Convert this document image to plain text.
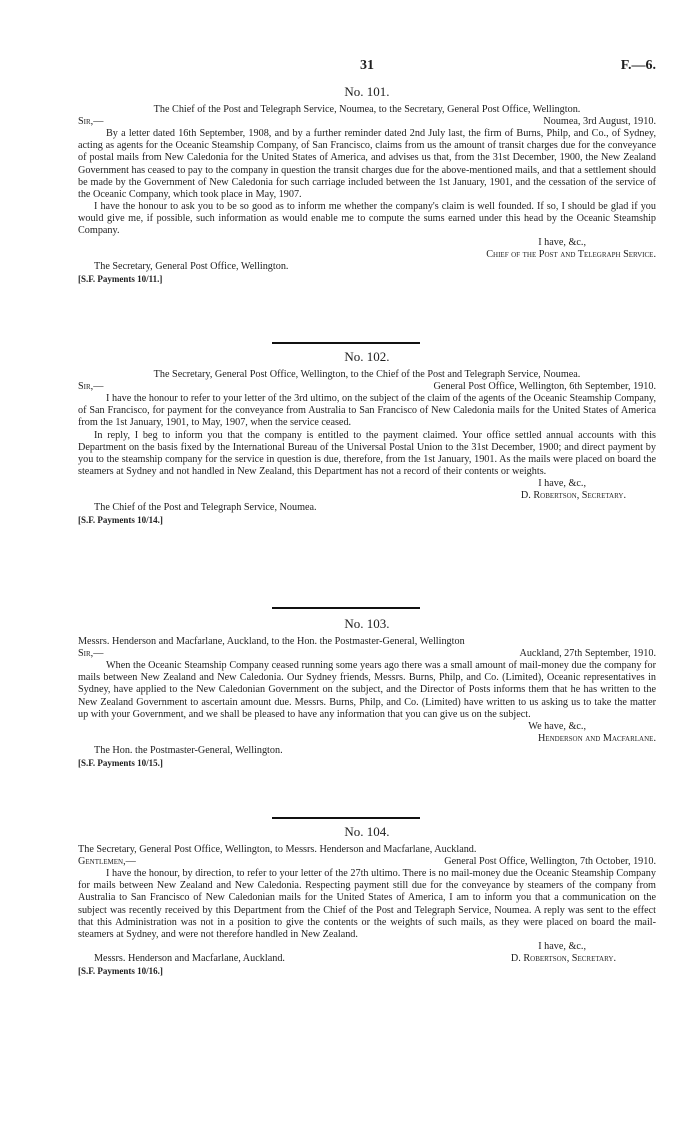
31	F.—6.
No. 101.
The Chief of the Post and Telegraph Service, Noumea, to the Secretary, General Post Office, Wellington.
Sir,—	Noumea, 3rd August, 1910.

By a letter dated 16th September, 1908, and by a further reminder dated 2nd July last, the firm of Burns, Philp, and Co., of Sydney, acting as agents for the Oceanic Steamship Company, of San Francisco, claims from us the amount of transit charges due for the conveyance of postal mails from New Caledonia for the United States of America, and advises us that, from the 31st December, 1900, the New Zealand Government has ceased to pay to the company in question the transit charges due for the above-mentioned mails, and that a settlement should be made by the Government of New Caledonia for such carriage included between the 1st January, 1901, and the cessation of the service of the Oceanic Company, which took place in May, 1907.

I have the honour to ask you to be so good as to inform me whether the company's claim is well founded. If so, I should be glad if you would give me, if possible, such information as would enable me to compute the sums earned under this head by the Oceanic Steamship Company.

I have, &c.,
Chief of the Post and Telegraph Service.
The Secretary, General Post Office, Wellington.
[S.F. Payments 10/11.]
No. 102.
The Secretary, General Post Office, Wellington, to the Chief of the Post and Telegraph Service, Noumea.
Sir,—	General Post Office, Wellington, 6th September, 1910.

I have the honour to refer to your letter of the 3rd ultimo, on the subject of the claim of the agents of the Oceanic Steamship Company, of San Francisco, for payment for the conveyance from Australia to San Francisco of New Caledonia mails for the United States of America from the 1st January, 1901, to May, 1907, when the service ceased.

In reply, I beg to inform you that the company is entitled to the payment claimed. Your office settled annual accounts with this Department on the basis fixed by the International Bureau of the Universal Postal Union to the 31st December, 1900; and direct payment by you to the steamship company for the service in question is due, therefore, from the 1st January, 1901. As the mails were placed on board the steamers at Sydney and not handled in New Zealand, this Department has not a record of their contents or weights.

I have, &c.,
D. Robertson, Secretary.
The Chief of the Post and Telegraph Service, Noumea.
[S.F. Payments 10/14.]
No. 103.
Messrs. Henderson and Macfarlane, Auckland, to the Hon. the Postmaster-General, Wellington
Sir,—	Auckland, 27th September, 1910.

When the Oceanic Steamship Company ceased running some years ago there was a small amount of mail-money due the company for mails between New Zealand and New Caledonia. Our Sydney friends, Messrs. Burns, Philp, and Co. (Limited), Oceanic representatives in Sydney, have applied to the New Caledonian Government on the subject, and the Director of Posts informs them that he has written to the New Zealand Government to ascertain amount due. Messrs. Burns, Philp, and Co. (Limited) have written to us asking us to take the matter up with your Government, and we shall be pleased to have any information that you can give us on the subject.

We have, &c.,
Henderson and Macfarlane.
The Hon. the Postmaster-General, Wellington.
[S.F. Payments 10/15.]
No. 104.
The Secretary, General Post Office, Wellington, to Messrs. Henderson and Macfarlane, Auckland.
Gentlemen,—	General Post Office, Wellington, 7th October, 1910.

I have the honour, by direction, to refer to your letter of the 27th ultimo. There is no mail-money due the Oceanic Steamship Company for mails between New Zealand and New Caledonia. Respecting payment still due for the conveyance by steamers of the company from Australia to San Francisco of New Caledonian mails for the United States of America, I am to inform you that a communication on the subject was recently received by this Department from the Chief of the Post and Telegraph Service, Noumea. A reply was sent to the effect that this Administration was not in a position to give the contents or the weights of such mails, as they were placed on board the mail-steamers at Sydney, and were not therefore handled in New Zealand.

I have, &c.,
Messrs. Henderson and Macfarlane, Auckland.	D. Robertson, Secretary.
[S.F. Payments 10/16.]
